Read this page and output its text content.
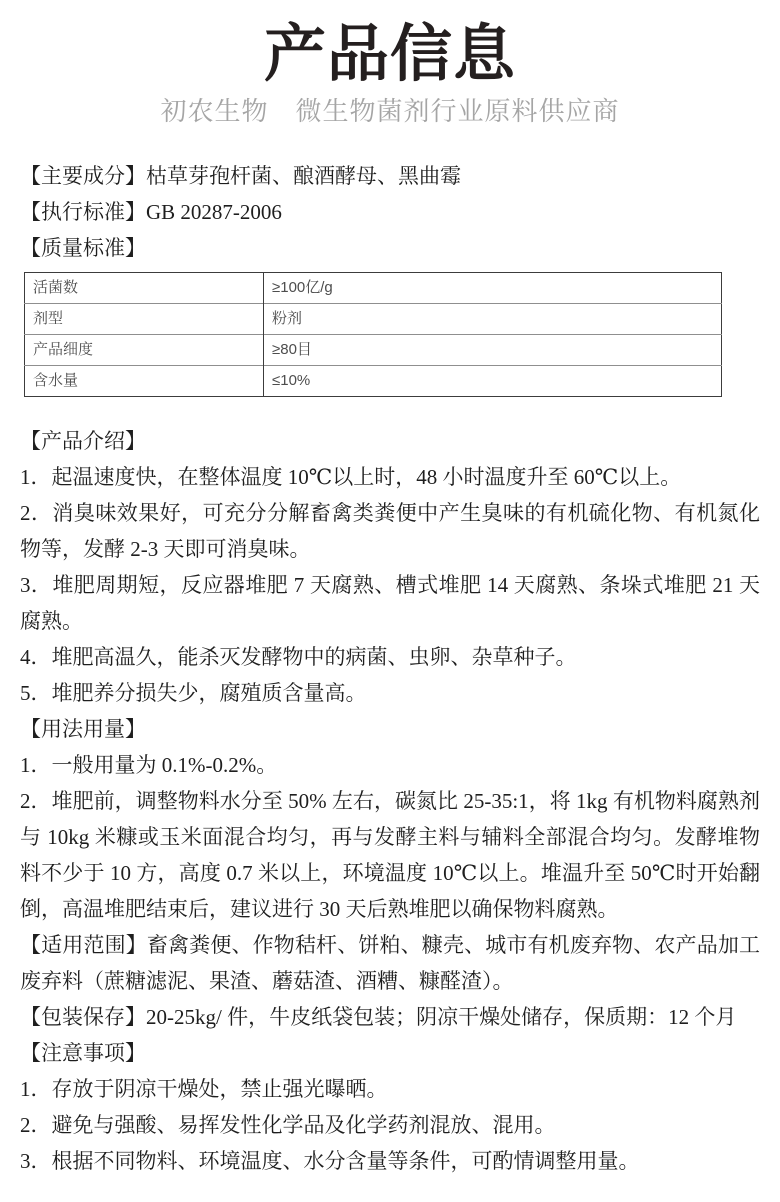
产品信息
初农生物　微生物菌剂行业原料供应商

【主要成分】枯草芽孢杆菌、酿酒酵母、黑曲霉

【执行标准】GB 20287-2006

【质量标准】

活菌数	≥100亿/g
剂型	粉剂
产品细度	≥80目
含水量	≤10%

【产品介绍】

1．起温速度快，在整体温度 10℃以上时，48 小时温度升至 60℃以上。

2．消臭味效果好，可充分分解畜禽类粪便中产生臭味的有机硫化物、有机氮化物等，发酵 2-3 天即可消臭味。

3．堆肥周期短，反应器堆肥 7 天腐熟、槽式堆肥 14 天腐熟、条垛式堆肥 21 天腐熟。

4．堆肥高温久，能杀灭发酵物中的病菌、虫卵、杂草种子。

5．堆肥养分损失少，腐殖质含量高。

【用法用量】

1．一般用量为 0.1%-0.2%。

2．堆肥前，调整物料水分至 50% 左右，碳氮比 25-35:1，将 1kg 有机物料腐熟剂与 10kg 米糠或玉米面混合均匀，再与发酵主料与辅料全部混合均匀。发酵堆物料不少于 10 方，高度 0.7 米以上，环境温度 10℃以上。堆温升至 50℃时开始翻倒，高温堆肥结束后，建议进行 30 天后熟堆肥以确保物料腐熟。

【适用范围】畜禽粪便、作物秸杆、饼粕、糠壳、城市有机废弃物、农产品加工废弃料（蔗糖滤泥、果渣、蘑菇渣、酒糟、糠醛渣）。

【包装保存】20-25kg/ 件，牛皮纸袋包装；阴凉干燥处储存，保质期：12 个月

【注意事项】

1．存放于阴凉干燥处，禁止强光曝晒。

2．避免与强酸、易挥发性化学品及化学药剂混放、混用。

3．根据不同物料、环境温度、水分含量等条件，可酌情调整用量。
